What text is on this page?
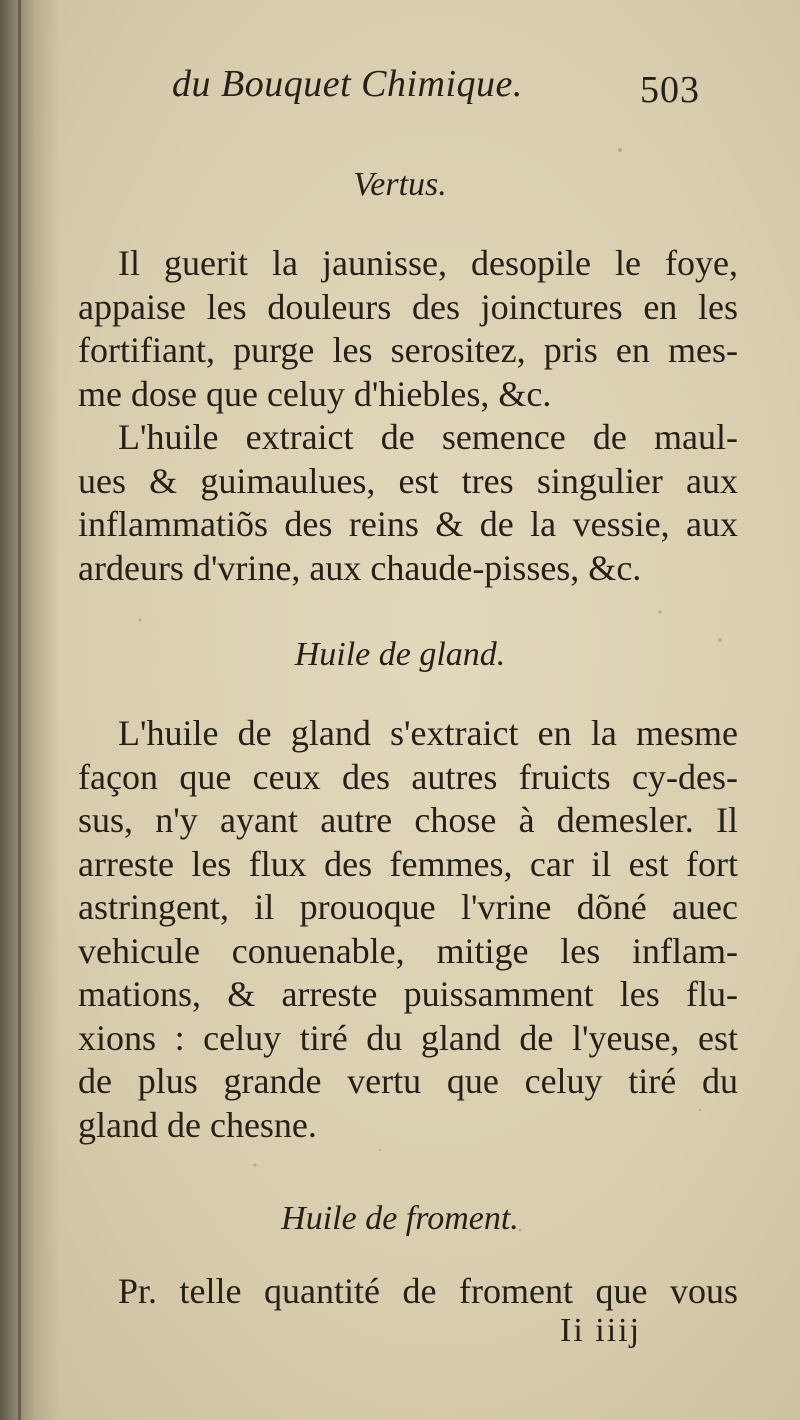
du Bouquet Chimique.	503
Vertus.
Il guerit la jaunisse, desopile le foye,
appaise les douleurs des joinctures en les
fortifiant, purge les serositez, pris en mes-
me dose que celuy d'hiebles, &c.
L'huile extraict de semence de maul-
ues & guimaulues, est tres singulier aux
inflammatiõs des reins & de la vessie, aux
ardeurs d'vrine, aux chaude-pisses, &c.
Huile de gland.
L'huile de gland s'extraict en la mesme
façon que ceux des autres fruicts cy-des-
sus, n'y ayant autre chose à demesler. Il
arreste les flux des femmes, car il est fort
astringent, il prouoque l'vrine dõné auec
vehicule conuenable, mitige les inflam-
mations, & arreste puissamment les flu-
xions : celuy tiré du gland de l'yeuse, est
de plus grande vertu que celuy tiré du
gland de chesne.
Huile de froment.
Pr. telle quantité de froment que vous
Ii iiij
